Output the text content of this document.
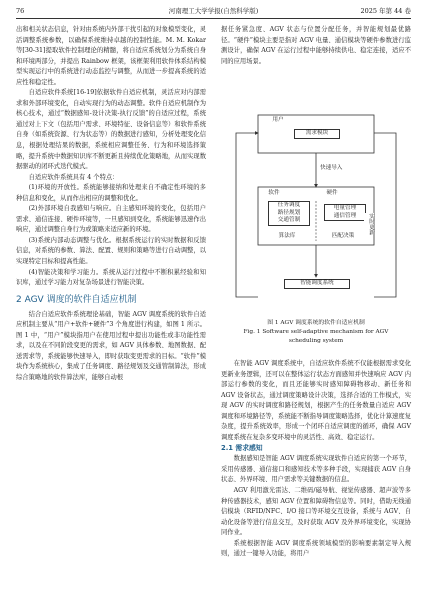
76	河南理工大学学报(自然科学版)	2025 年第 44 卷

出和相关状态信息，针对由系统内外部干扰引起的对象模型变化，灵活调整系统参数，以确保系统维持卓越的控制性能。M. M. Kokar 等[30-31]提取软件控制理论的精髓，将自适应系统划分为系统自身和环境两部分，并提出 Rainbow 框架，该框架利用软件体系结构模型实现运行中的系统进行动态监控与调整，从而进一步提高系统的适应性和稳定性。

自适应软件系统[16-19]依据软件自适应机制，灵活应对内部需求和外部环境变化，自动实现行为的动态调整。软件自适应机制作为核心技术，通过“数据感知-设计决策-执行反馈”的自适应过程，系统通过对上下文（包括用户需求、环境特征、设备信息等）和软件系统自身（如系统资源、行为状态等）的数据进行感知，分析处理变化信息，根据处理结果的数据，系统相应调整任务、行为和环境选择策略，提升系统中数据知识库不断更新且持续优化策略地，从而实现数据驱动的闭环式迭代模式。

自适应软件系统具有 4 个特点：

(1)环境的开放性。系统能够接纳和处理来自不确定性环境的多种信息和变化，从而作出相应的调整和优化。

(2)外部环境自我感知与响应。自主感知环境的变化，包括用户需求、通信连接、硬件环境等，一旦感知到变化，系统能够迅速作出响应，通过调整自身行为或策略来适应新的环境。

(3)系统内部动态调整与优化。根据系统运行的实时数据和反馈信息，对系统的参数、算法、配置、规则和策略等进行自动调整，以实现特定目标和提高性能。

(4)智能决策和学习能力。系统从运行过程中不断积累经验和知识库，通过学习能力对复杂场景进行智能决策。

2 AGV 调度的软件自适应机制

结合自适应软件系统理论基础，智能 AGV 调度系统的软件自适应机制主要从“用户+软件+硬件”3 个角度进行构建，如图 1 所示。图 1 中，“用户”模块指用户在使用过程中提出功能性或非功能性需求，以及在不同阶段变更的需求，如 AGV 具体参数、地图数据、配送需求等，系统能够快速导入，即时获取变更需求的目标。“软件”模块作为系统核心，集成了任务调度、路径规划及交通管制算法，形成综合策略地的软件算法库，能够自动根

据任务紧急度、AGV 状态与位置分配任务，并智能规划最优路径。“硬件”模块主要是指对 AGV 电量、通信模块等硬件参数进行监测设计，确保 AGV 在运行过程中能够持续供电、稳定连接，适应不同的应用场景。

用户
需求模块
快速导入
软件	硬件
任务调度
路径规划
交通管制
电量管理
通信管理
算法库	匹配决策
智能调度系统
实时更新
图 1 AGV 调度系统的软件自适应机制
Fig. 1 Software self-adaptive mechanism for AGV
scheduling system

在智能 AGV 调度系统中，自适应软件系统不仅能根据需求变化更新业务逻辑，还可以在整体运行状态方面感知并快速响应 AGV 内部运行参数的变化，而且还能够实时感知障碍物移动、新任务和 AGV 设备状态，通过调度策略设计决策，选择合适的工作模式，实现 AGV 的实时调度和路径规划，根据产生的任务数量自适应 AGV 调度和环境路径等，系统能不断指导调度策略选择，优化计算速度复杂度，提升系统效率，形成一个闭环自适应调度的循环，确保 AGV 调度系统在复杂多变环境中的灵活性、高效、稳定运行。

2.1 需求感知

数据感知是智能 AGV 调度系统实现软件自适应的第一个环节，采用传感器、通信接口和感知技术等多种手段，实现捕获 AGV 自身状态、外界环境、用户需求等关键数据的信息。

AGV 利用激光雷达、二维码/磁导航、视觉传感器、超声波等多种传感器技术，感知 AGV 位置和障碍物信息等。同时，借助无线通信模块（RFID/NFC、I/O 接口等环境交互设备，系统与 AGV、自动化设备等进行信息交互，及时获取 AGV 及外界环境变化，实现协同作业。

系统根据智能 AGV 调度系统领域模型的影响要素制定导入规则，通过一键导入功能，将用户
